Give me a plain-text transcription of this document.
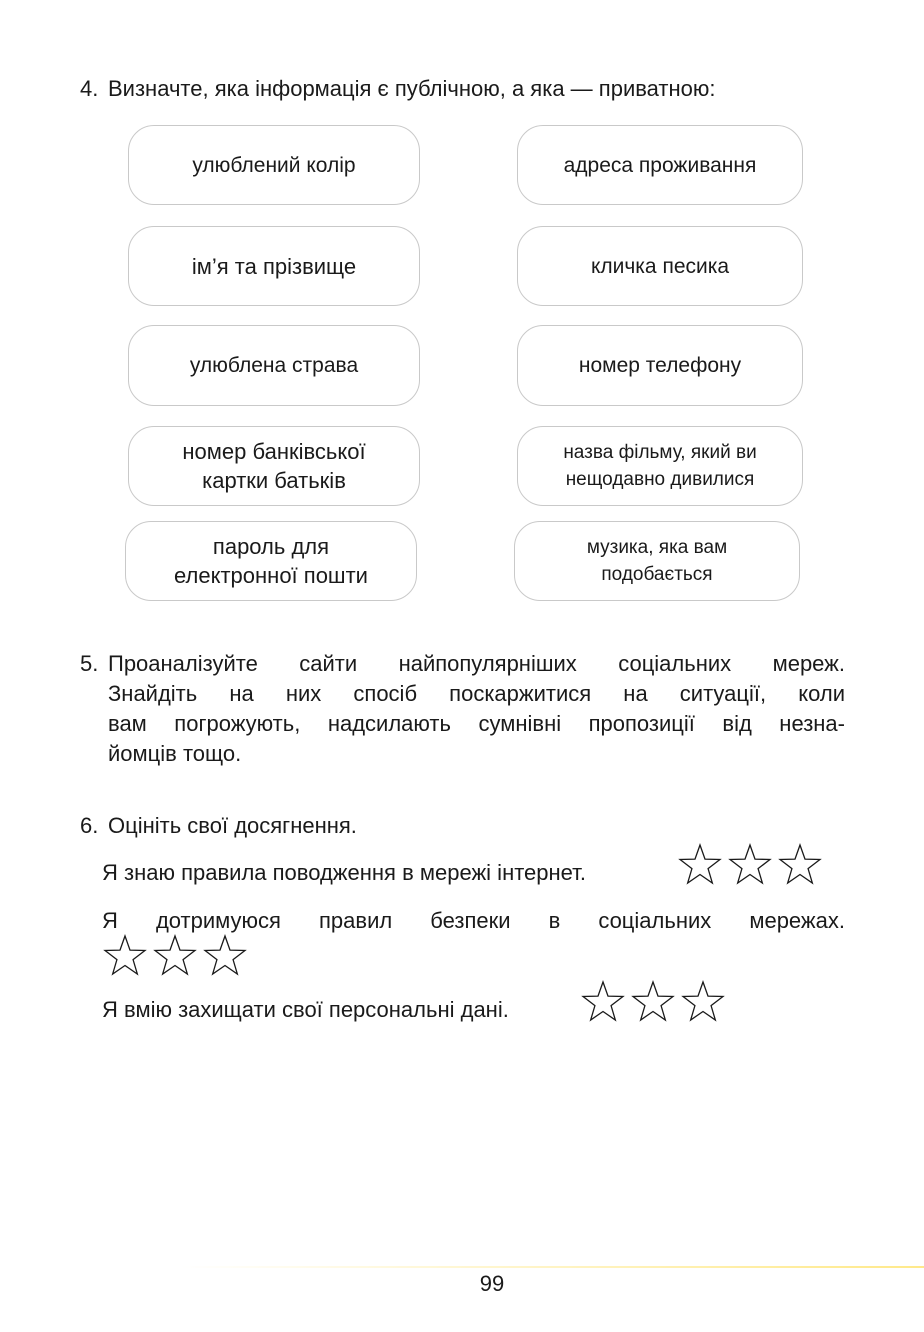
4. Визначте, яка інформація є публічною, а яка — приватною:
улюблений колір	адреса проживання
ім’я та прізвище	кличка песика
улюблена страва	номер телефону
номер банківської картки батьків
назва фільму, який ви нещодавно дивилися
пароль для електронної пошти
музика, яка вам подобається
5. Проаналізуйте сайти найпопулярніших соціальних мереж.
Знайдіть на них спосіб поскаржитися на ситуації, коли
вам погрожують, надсилають сумнівні пропозиції від незна-
йомців тощо.
6. Оцініть свої досягнення.
Я знаю правила поводження в мережі інтернет.
Я дотримуюся правил безпеки в соціальних мережах.
Я вмію захищати свої персональні дані.
99
